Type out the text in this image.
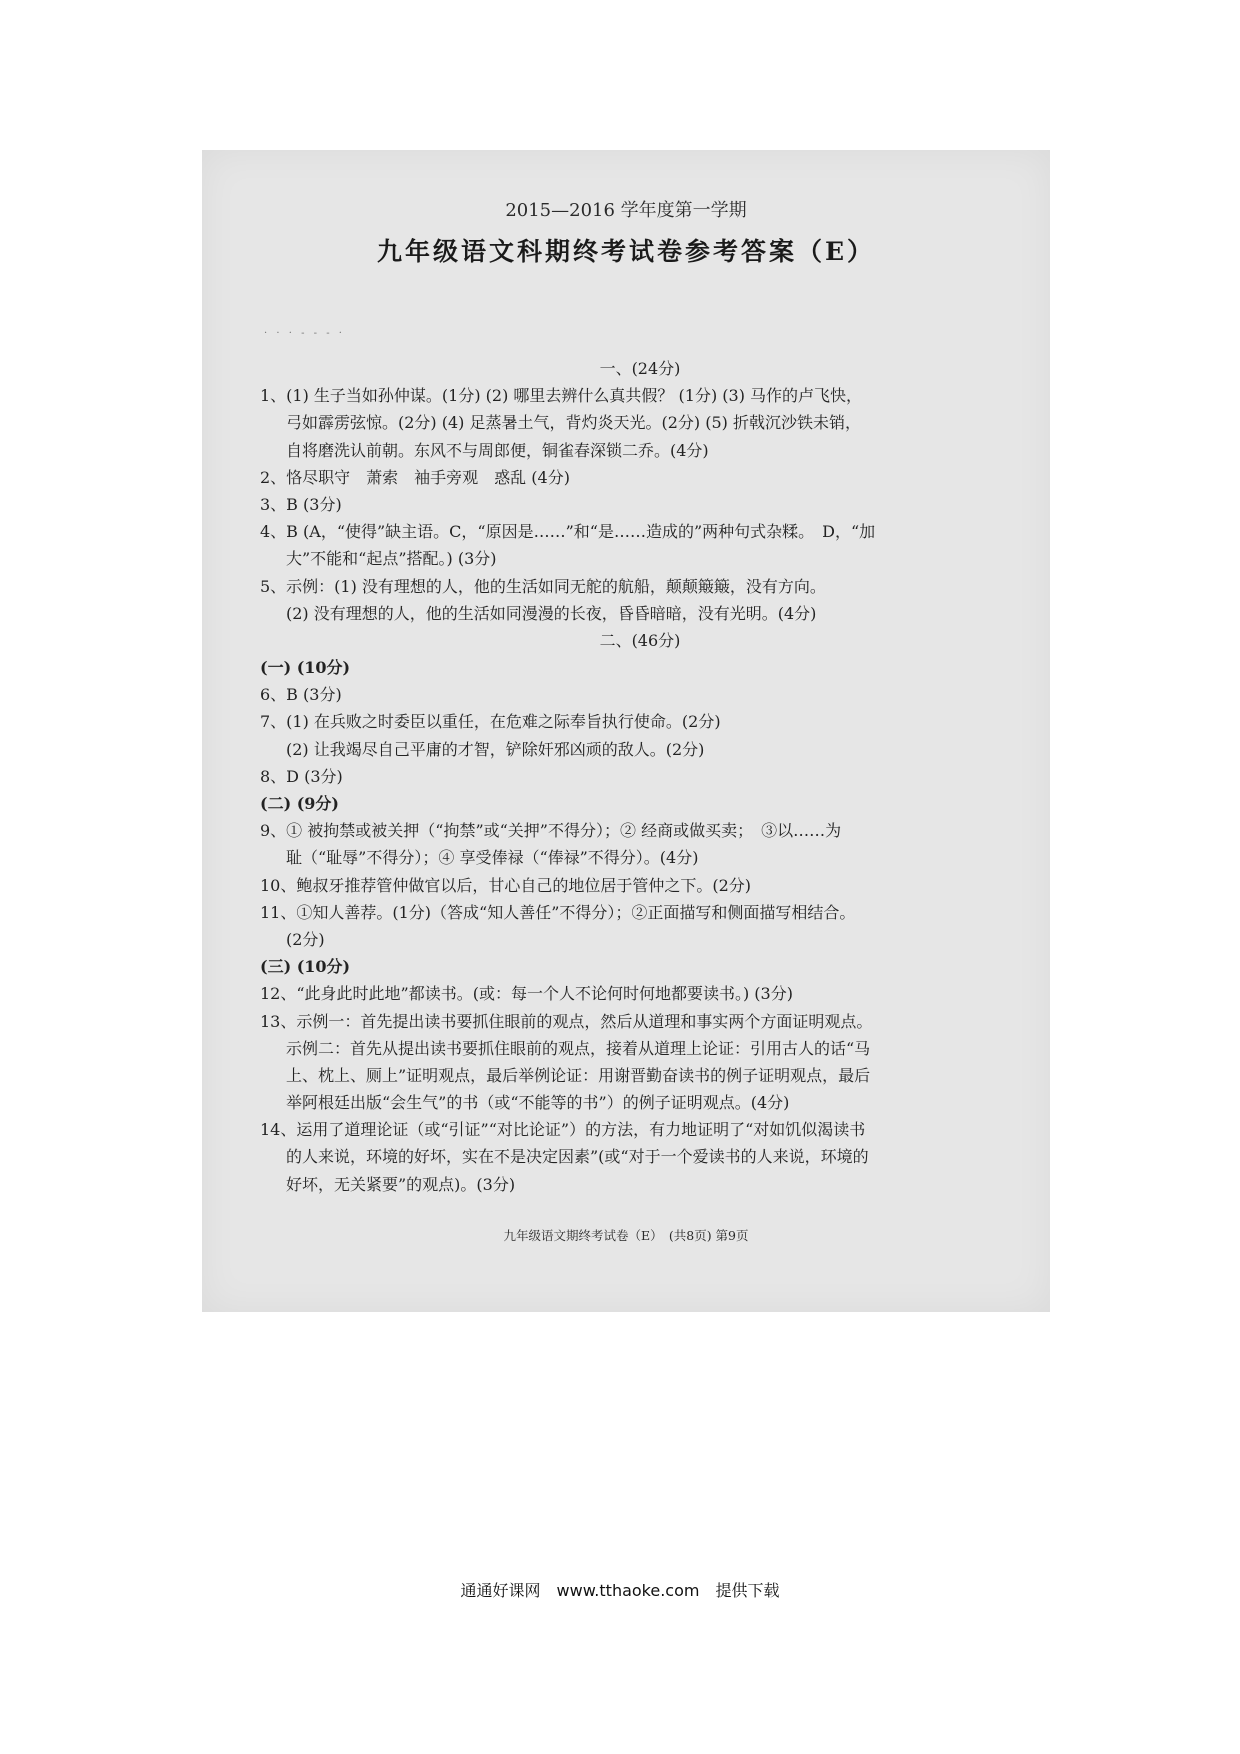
· · · - - - ·
2015—2016 学年度第一学期
九年级语文科期终考试卷参考答案（E）
一、(24分)
1、(1) 生子当如孙仲谋。(1分) (2) 哪里去辨什么真共假？ (1分) (3) 马作的卢飞快，
弓如霹雳弦惊。(2分) (4) 足蒸暑土气，背灼炎天光。(2分) (5) 折戟沉沙铁未销，
自将磨洗认前朝。东风不与周郎便，铜雀春深锁二乔。(4分)
2、恪尽职守　萧索　袖手旁观　惑乱 (4分)
3、B (3分)
4、B (A，“使得”缺主语。C，“原因是……”和“是……造成的”两种句式杂糅。　D，“加
大”不能和“起点”搭配。) (3分)
5、示例：(1) 没有理想的人，他的生活如同无舵的航船，颠颠簸簸，没有方向。
(2) 没有理想的人，他的生活如同漫漫的长夜，昏昏暗暗，没有光明。(4分)
二、(46分)
(一) (10分)
6、B (3分)
7、(1) 在兵败之时委臣以重任，在危难之际奉旨执行使命。(2分)
(2) 让我竭尽自己平庸的才智，铲除奸邪凶顽的敌人。(2分)
8、D (3分)
(二) (9分)
9、① 被拘禁或被关押（“拘禁”或“关押”不得分）；② 经商或做买卖；　③以……为
耻（“耻辱”不得分）；④ 享受俸禄（“俸禄”不得分）。(4分)
10、鲍叔牙推荐管仲做官以后，甘心自己的地位居于管仲之下。(2分)
11、①知人善荐。(1分)（答成“知人善任”不得分）；②正面描写和侧面描写相结合。
(2分)
(三) (10分)
12、“此身此时此地”都读书。(或：每一个人不论何时何地都要读书。) (3分)
13、示例一：首先提出读书要抓住眼前的观点，然后从道理和事实两个方面证明观点。
示例二：首先从提出读书要抓住眼前的观点，接着从道理上论证：引用古人的话“马
上、枕上、厕上”证明观点，最后举例论证：用谢晋勤奋读书的例子证明观点，最后
举阿根廷出版“会生气”的书（或“不能等的书”）的例子证明观点。(4分)
14、运用了道理论证（或“引证”“对比论证”）的方法，有力地证明了“对如饥似渴读书
的人来说，环境的好坏，实在不是决定因素”(或“对于一个爱读书的人来说，环境的
好坏，无关紧要”的观点)。(3分)
九年级语文期终考试卷（E）　(共8页) 第9页
通通好课网　www.tthaoke.com　提供下载
